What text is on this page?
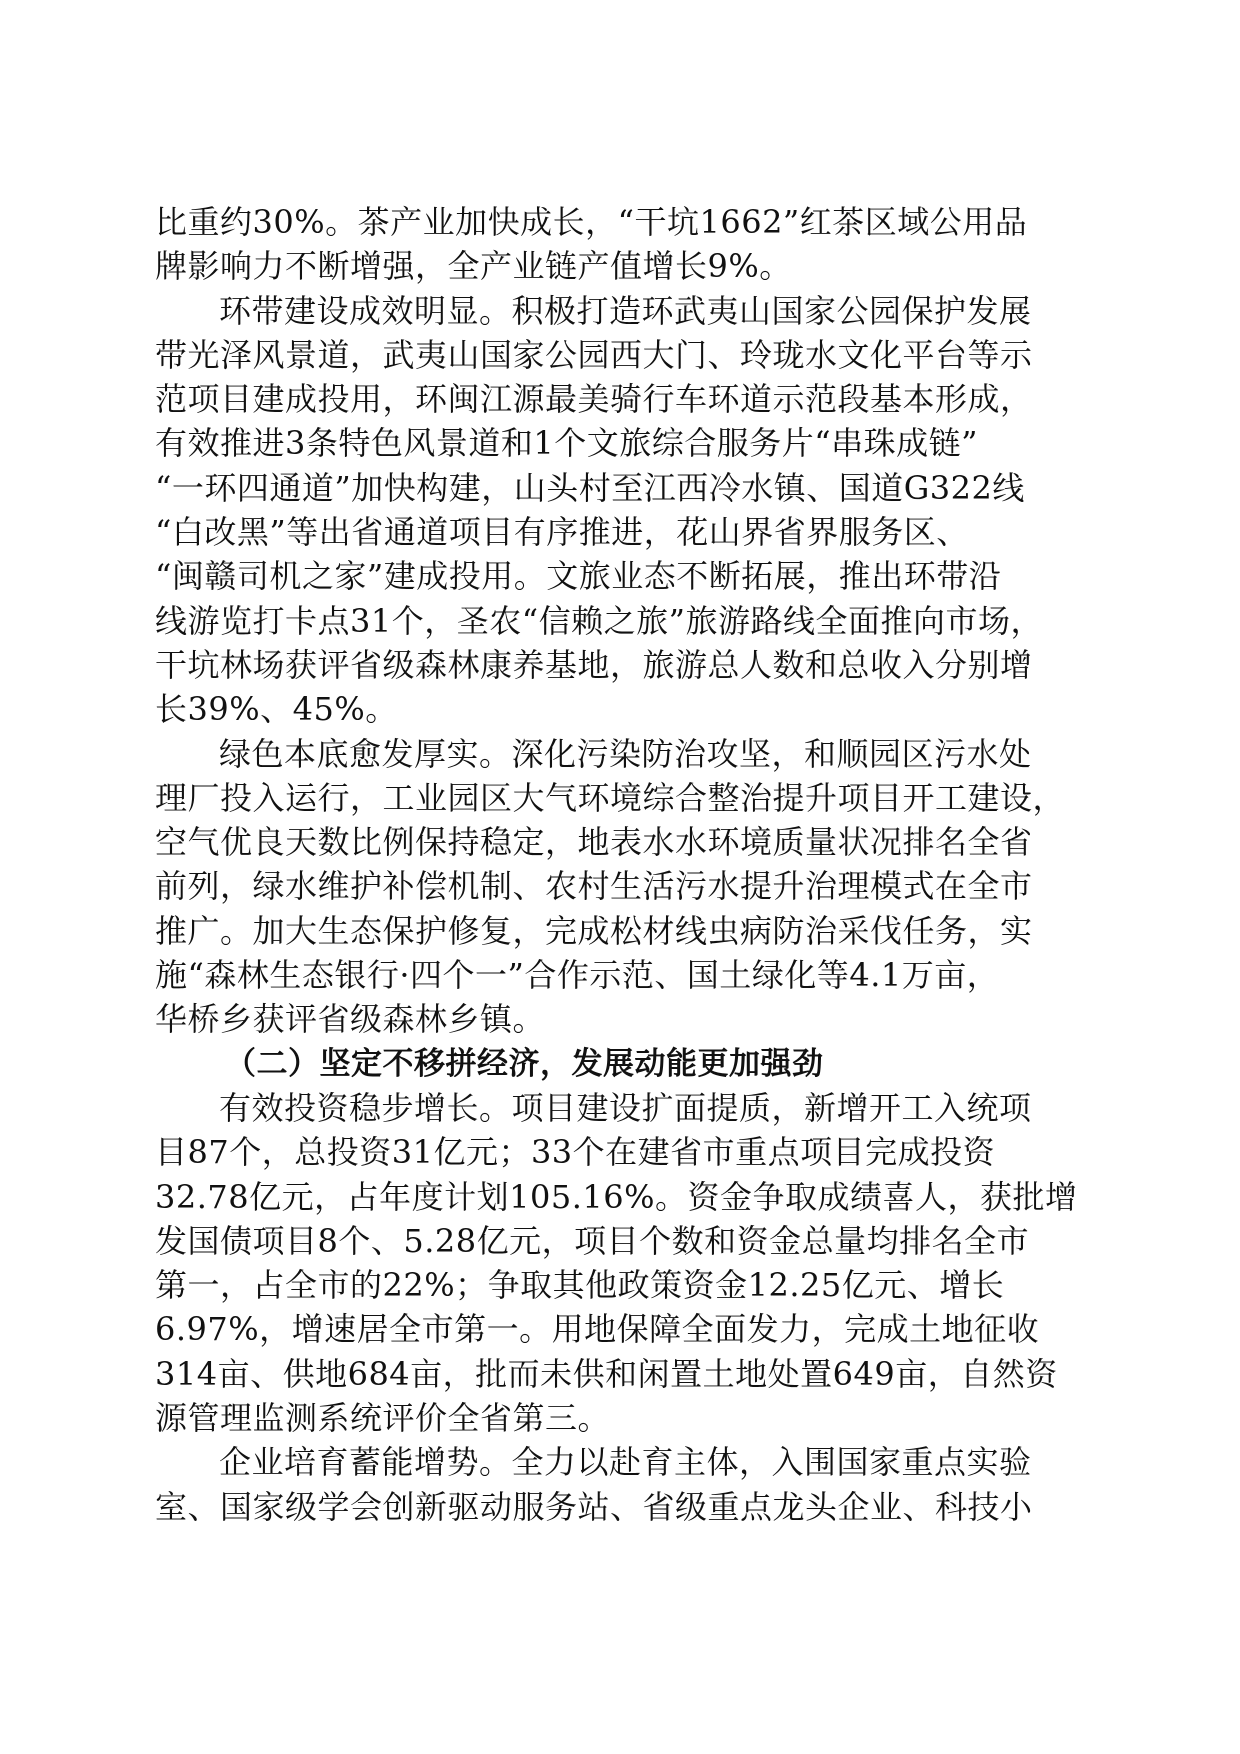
比重约30%。茶产业加快成长，“干坑1662”红茶区域公用品
牌影响力不断增强，全产业链产值增长9%。
环带建设成效明显。积极打造环武夷山国家公园保护发展
带光泽风景道，武夷山国家公园西大门、玲珑水文化平台等示
范项目建成投用，环闽江源最美骑行车环道示范段基本形成，
有效推进3条特色风景道和1个文旅综合服务片“串珠成链”
“一环四通道”加快构建，山头村至江西冷水镇、国道G322线
“白改黑”等出省通道项目有序推进，花山界省界服务区、
“闽赣司机之家”建成投用。文旅业态不断拓展，推出环带沿
线游览打卡点31个，圣农“信赖之旅”旅游路线全面推向市场，
干坑林场获评省级森林康养基地，旅游总人数和总收入分别增
长39%、45%。
绿色本底愈发厚实。深化污染防治攻坚，和顺园区污水处
理厂投入运行，工业园区大气环境综合整治提升项目开工建设，
空气优良天数比例保持稳定，地表水水环境质量状况排名全省
前列，绿水维护补偿机制、农村生活污水提升治理模式在全市
推广。加大生态保护修复，完成松材线虫病防治采伐任务，实
施“森林生态银行·四个一”合作示范、国土绿化等4.1万亩，
华桥乡获评省级森林乡镇。
（二）坚定不移拼经济，发展动能更加强劲
有效投资稳步增长。项目建设扩面提质，新增开工入统项
目87个，总投资31亿元；33个在建省市重点项目完成投资
32.78亿元，占年度计划105.16%。资金争取成绩喜人，获批增
发国债项目8个、5.28亿元，项目个数和资金总量均排名全市
第一，占全市的22%；争取其他政策资金12.25亿元、增长
6.97%，增速居全市第一。用地保障全面发力，完成土地征收
314亩、供地684亩，批而未供和闲置土地处置649亩，自然资
源管理监测系统评价全省第三。
企业培育蓄能增势。全力以赴育主体，入围国家重点实验
室、国家级学会创新驱动服务站、省级重点龙头企业、科技小
